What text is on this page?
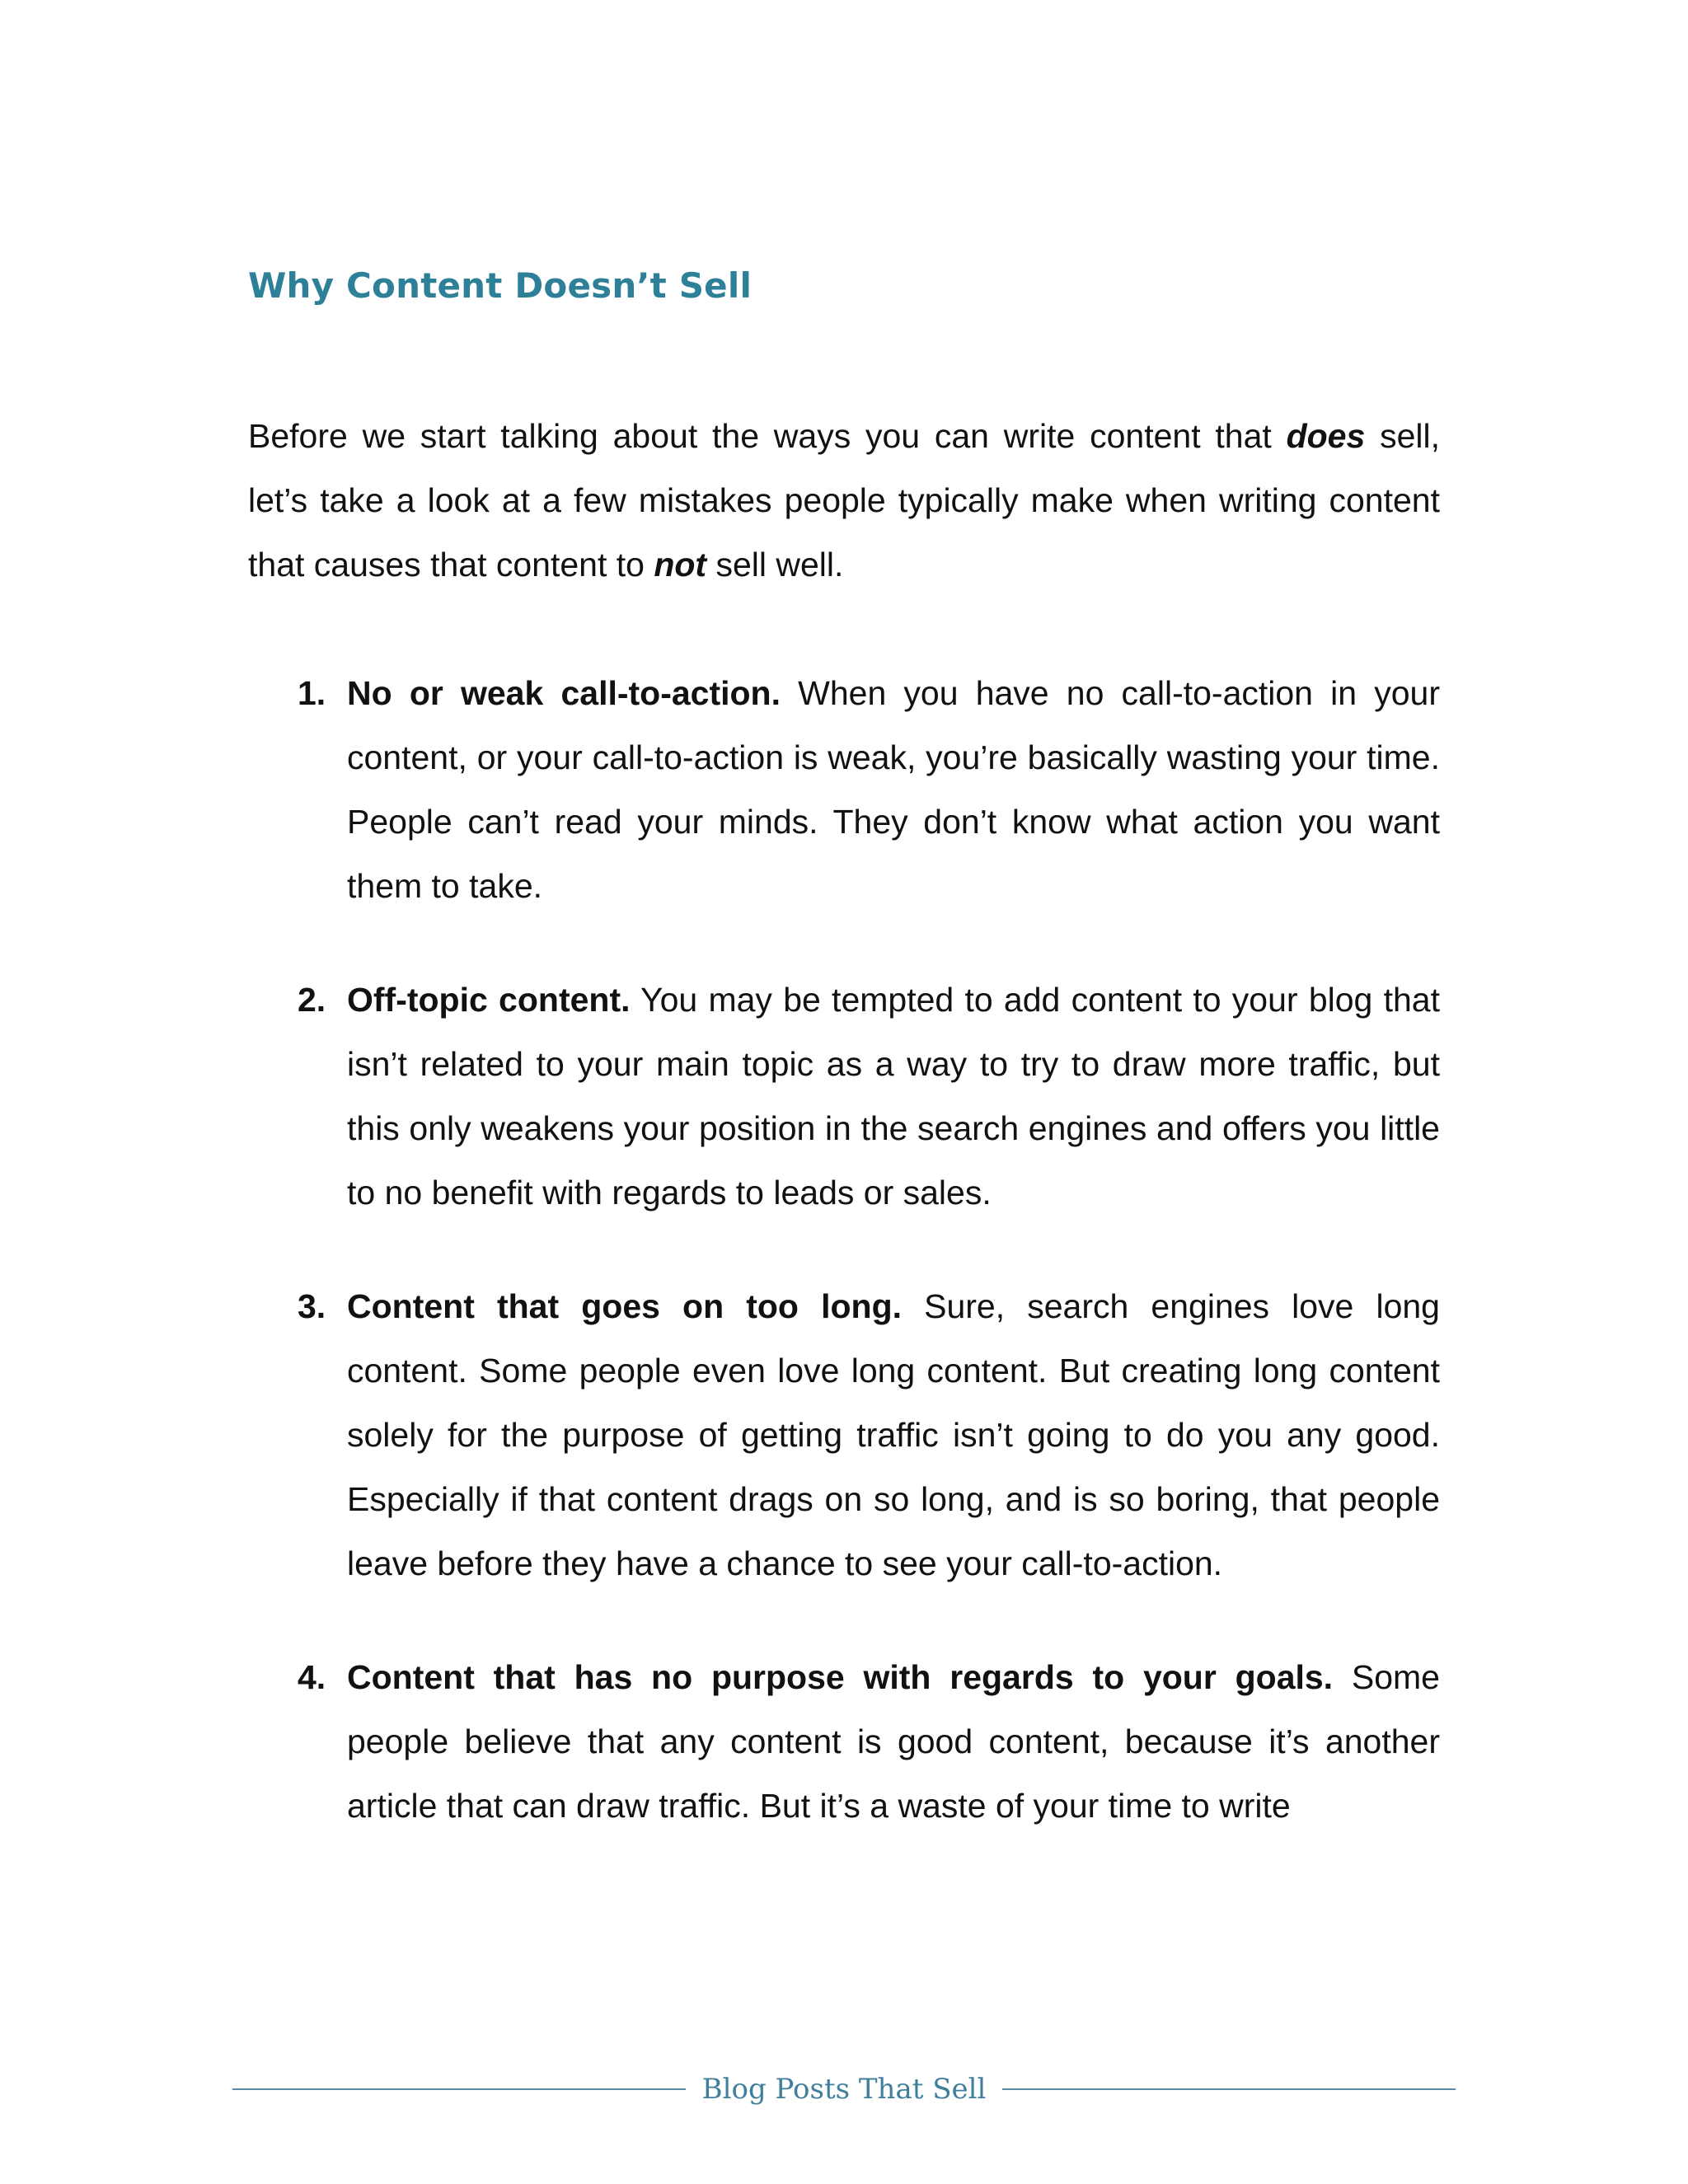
Why Content Doesn’t Sell

Before we start talking about the ways you can write content that does sell, let’s take a look at a few mistakes people typically make when writing content that causes that content to not sell well.

1. No or weak call-to-action. When you have no call-to-action in your content, or your call-to-action is weak, you’re basically wasting your time. People can’t read your minds. They don’t know what action you want them to take.
2. Off-topic content. You may be tempted to add content to your blog that isn’t related to your main topic as a way to try to draw more traffic, but this only weakens your position in the search engines and offers you little to no benefit with regards to leads or sales.
3. Content that goes on too long. Sure, search engines love long content. Some people even love long content. But creating long content solely for the purpose of getting traffic isn’t going to do you any good. Especially if that content drags on so long, and is so boring, that people leave before they have a chance to see your call-to-action.
4. Content that has no purpose with regards to your goals. Some people believe that any content is good content, because it’s another article that can draw traffic. But it’s a waste of your time to write
Blog Posts That Sell
